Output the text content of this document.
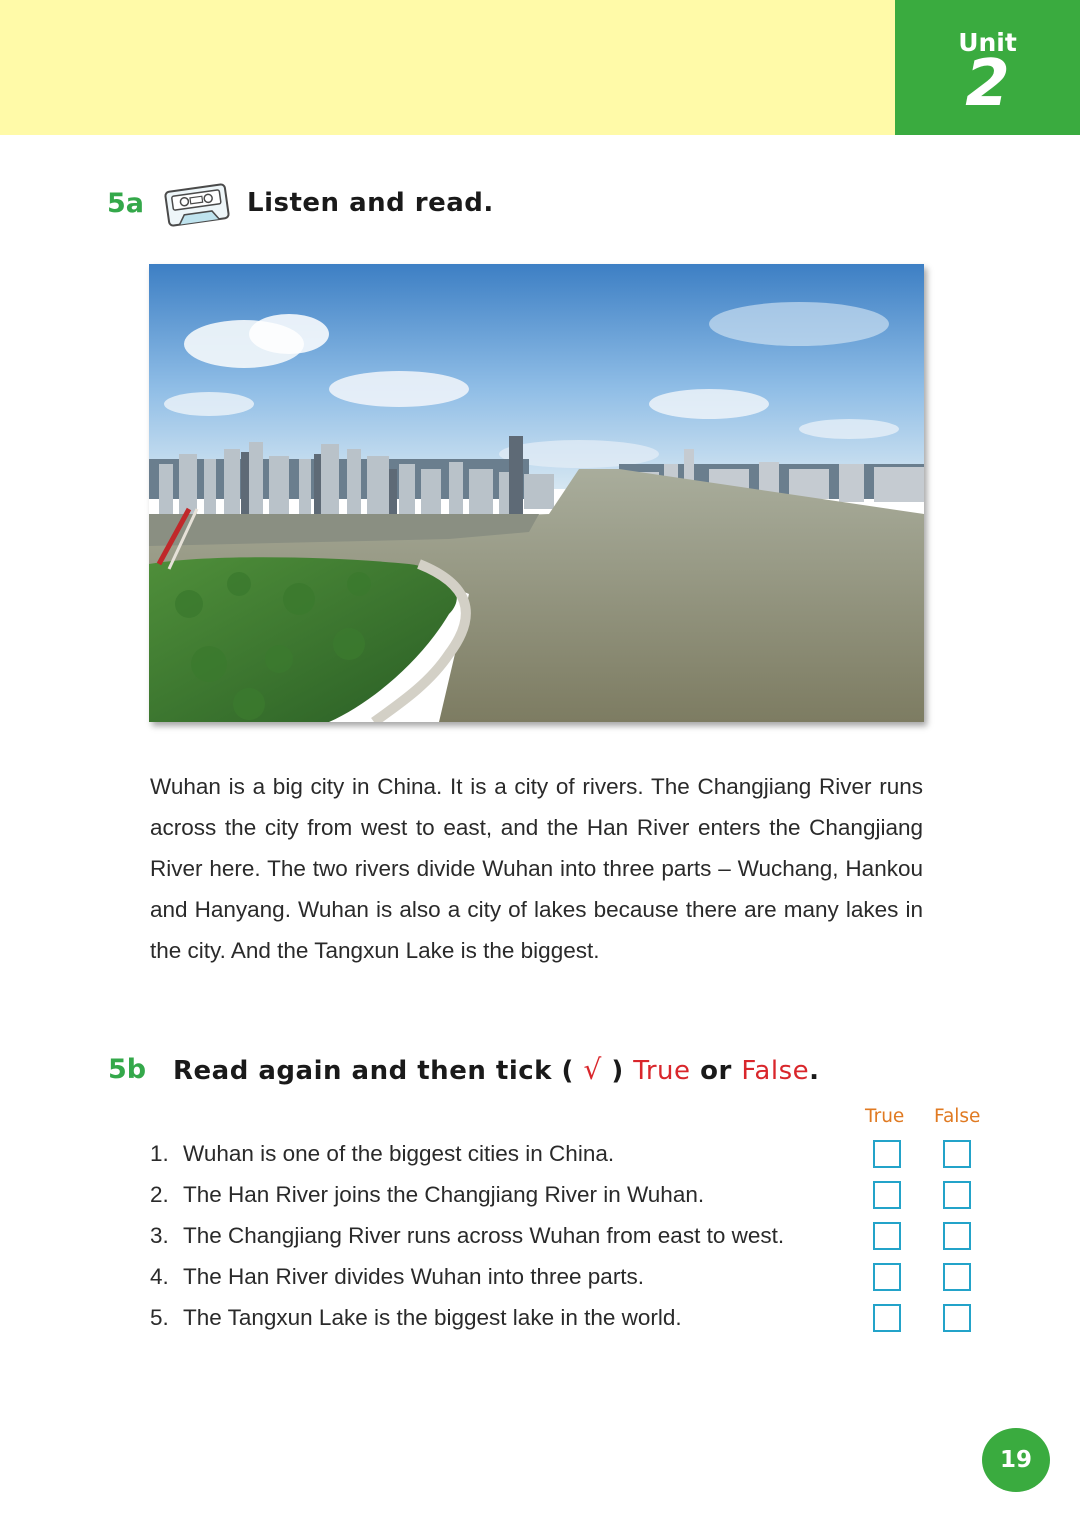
Unit
2
5a	Listen and read.

Wuhan is a big city in China. It is a city of rivers. The Changjiang River runs across the city from west to east, and the Han River enters the Changjiang River here. The two rivers divide Wuhan into three parts – Wuchang, Hankou and Hanyang. Wuhan is also a city of lakes because there are many lakes in the city. And the Tangxun Lake is the biggest.

5b Read again and then tick ( √ ) True or False.
True False
1. Wuhan is one of the biggest cities in China.
2. The Han River joins the Changjiang River in Wuhan.
3. The Changjiang River runs across Wuhan from east to west.
4. The Han River divides Wuhan into three parts.
5. The Tangxun Lake is the biggest lake in the world.
19
